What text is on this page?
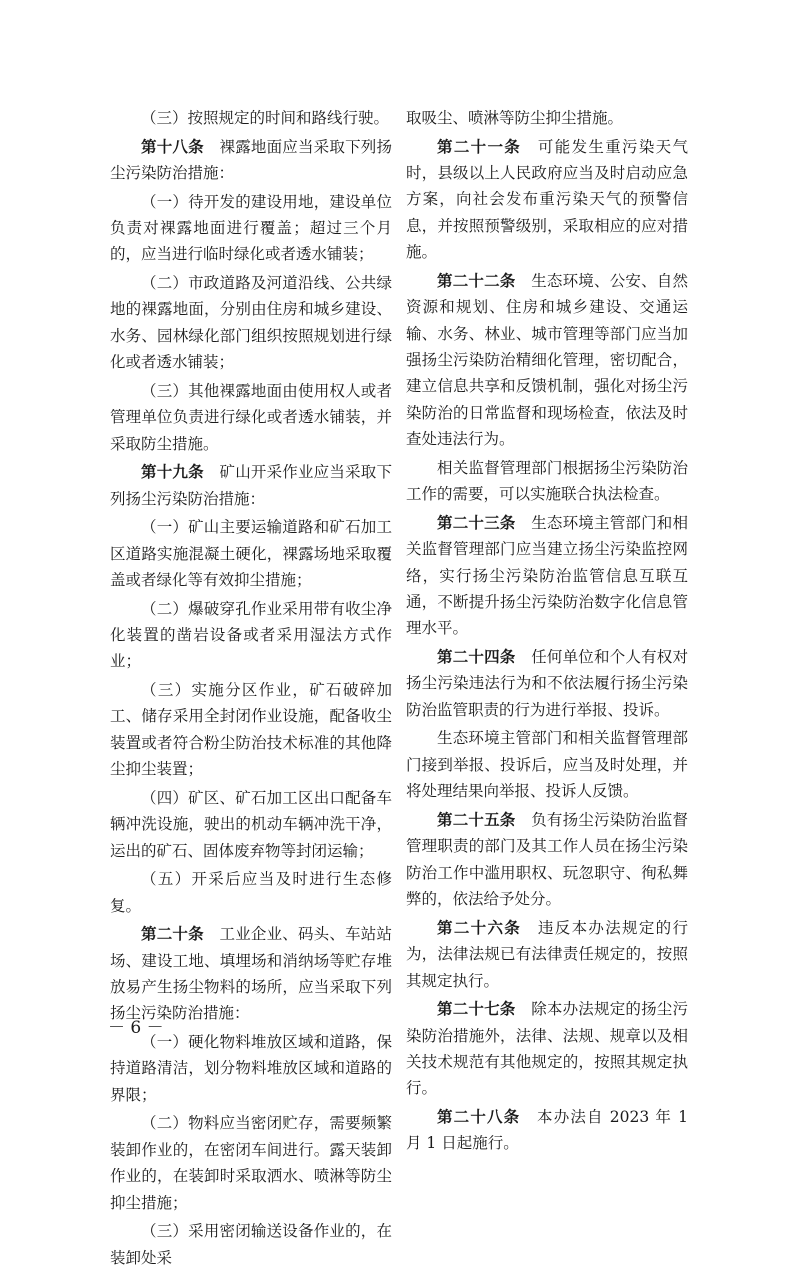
（三）按照规定的时间和路线行驶。

第十八条　裸露地面应当采取下列扬尘污染防治措施：

（一）待开发的建设用地，建设单位负责对裸露地面进行覆盖；超过三个月的，应当进行临时绿化或者透水铺装；

（二）市政道路及河道沿线、公共绿地的裸露地面，分别由住房和城乡建设、水务、园林绿化部门组织按照规划进行绿化或者透水铺装；

（三）其他裸露地面由使用权人或者管理单位负责进行绿化或者透水铺装，并采取防尘措施。

第十九条　矿山开采作业应当采取下列扬尘污染防治措施：

（一）矿山主要运输道路和矿石加工区道路实施混凝土硬化，裸露场地采取覆盖或者绿化等有效抑尘措施；

（二）爆破穿孔作业采用带有收尘净化装置的凿岩设备或者采用湿法方式作业；

（三）实施分区作业，矿石破碎加工、储存采用全封闭作业设施，配备收尘装置或者符合粉尘防治技术标准的其他降尘抑尘装置；

（四）矿区、矿石加工区出口配备车辆冲洗设施，驶出的机动车辆冲洗干净，运出的矿石、固体废弃物等封闭运输；

（五）开采后应当及时进行生态修复。

第二十条　工业企业、码头、车站站场、建设工地、填埋场和消纳场等贮存堆放易产生扬尘物料的场所，应当采取下列扬尘污染防治措施：

（一）硬化物料堆放区域和道路，保持道路清洁，划分物料堆放区域和道路的界限；

（二）物料应当密闭贮存，需要频繁装卸作业的，在密闭车间进行。露天装卸作业的，在装卸时采取洒水、喷淋等防尘抑尘措施；

（三）采用密闭输送设备作业的，在装卸处采

取吸尘、喷淋等防尘抑尘措施。

第二十一条　可能发生重污染天气时，县级以上人民政府应当及时启动应急方案，向社会发布重污染天气的预警信息，并按照预警级别，采取相应的应对措施。

第二十二条　生态环境、公安、自然资源和规划、住房和城乡建设、交通运输、水务、林业、城市管理等部门应当加强扬尘污染防治精细化管理，密切配合，建立信息共享和反馈机制，强化对扬尘污染防治的日常监督和现场检查，依法及时查处违法行为。

相关监督管理部门根据扬尘污染防治工作的需要，可以实施联合执法检查。

第二十三条　生态环境主管部门和相关监督管理部门应当建立扬尘污染监控网络，实行扬尘污染防治监管信息互联互通，不断提升扬尘污染防治数字化信息管理水平。

第二十四条　任何单位和个人有权对扬尘污染违法行为和不依法履行扬尘污染防治监管职责的行为进行举报、投诉。

生态环境主管部门和相关监督管理部门接到举报、投诉后，应当及时处理，并将处理结果向举报、投诉人反馈。

第二十五条　负有扬尘污染防治监督管理职责的部门及其工作人员在扬尘污染防治工作中滥用职权、玩忽职守、徇私舞弊的，依法给予处分。

第二十六条　违反本办法规定的行为，法律法规已有法律责任规定的，按照其规定执行。

第二十七条　除本办法规定的扬尘污染防治措施外，法律、法规、规章以及相关技术规范有其他规定的，按照其规定执行。

第二十八条　本办法自 2023 年 1 月 1 日起施行。

－ 6 －
